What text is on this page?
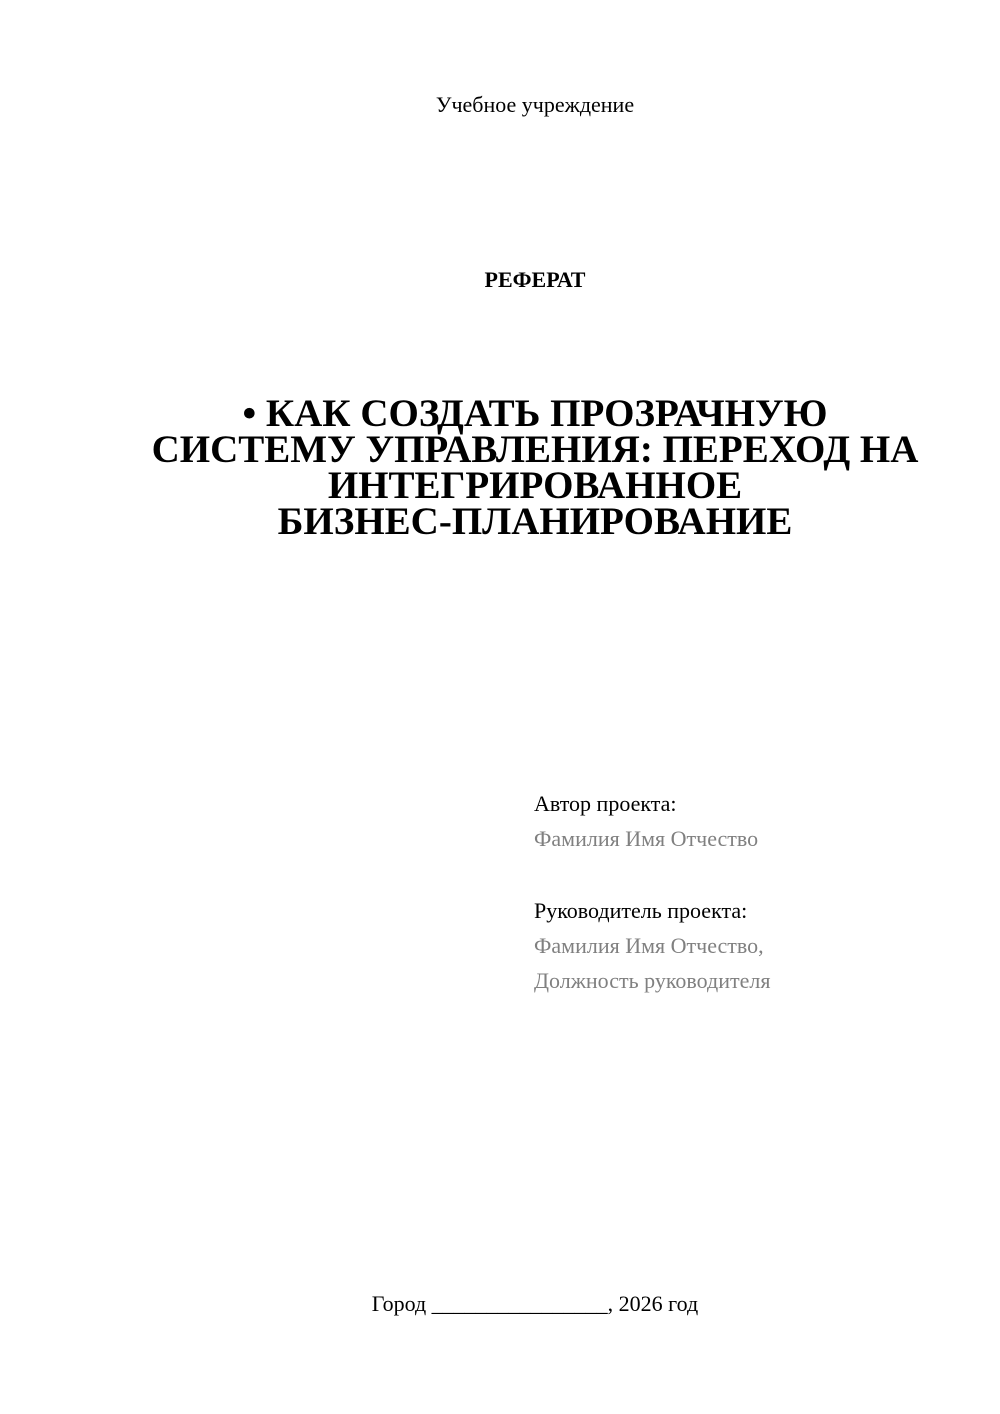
Учебное учреждение
РЕФЕРАТ
• КАК СОЗДАТЬ ПРОЗРАЧНУЮ
СИСТЕМУ УПРАВЛЕНИЯ: ПЕРЕХОД НА
ИНТЕГРИРОВАННОЕ
БИЗНЕС-ПЛАНИРОВАНИЕ
Автор проекта:
Фамилия Имя Отчество
Руководитель проекта:
Фамилия Имя Отчество,
Должность руководителя
Город ________________, 2026 год
